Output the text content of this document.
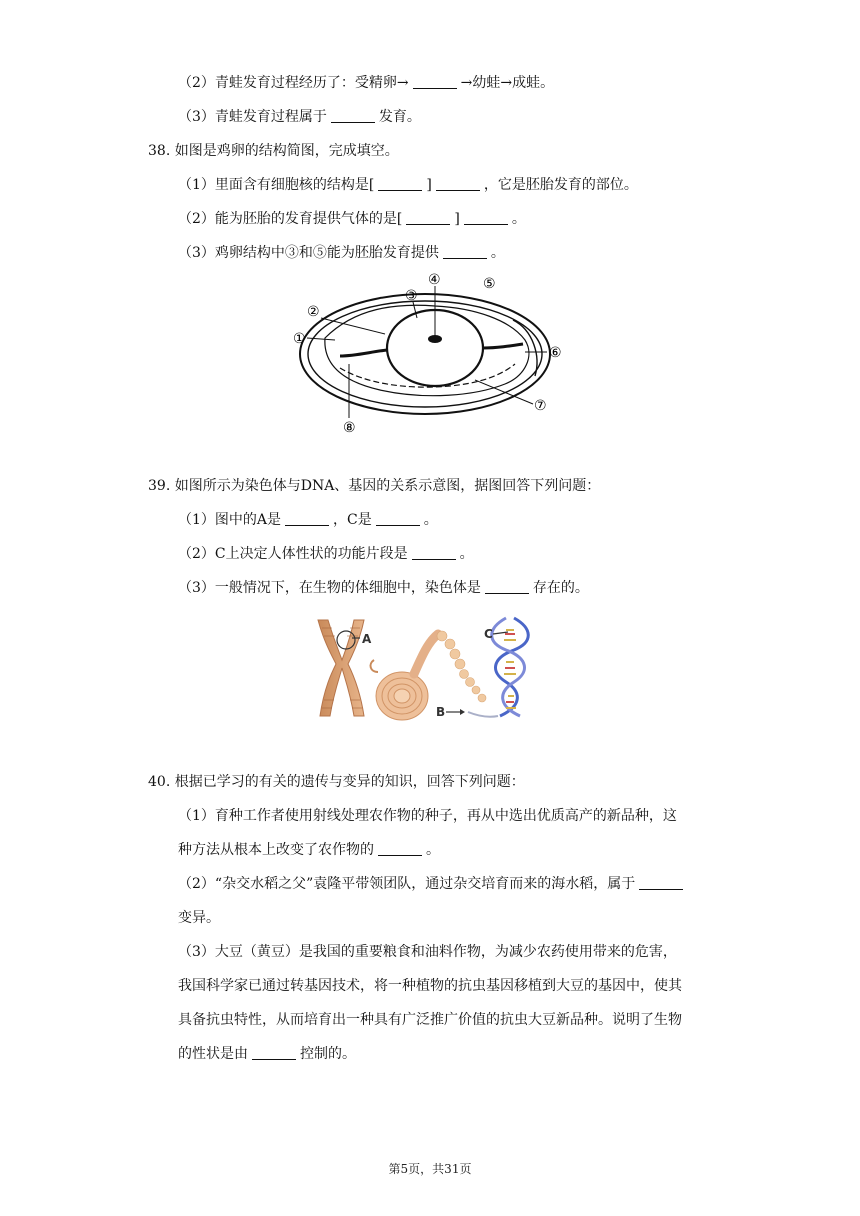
（2）青蛙发育过程经历了：受精卵→	→幼蛙→成蛙。
（3）青蛙发育过程属于	发育。
38. 如图是鸡卵的结构简图，完成填空。
（1）里面含有细胞核的结构是[	]	，它是胚胎发育的部位。
（2）能为胚胎的发育提供气体的是[	]	。
（3）鸡卵结构中③和⑤能为胚胎发育提供	。
①
②
③
④	⑤
⑥
⑦
⑧
39. 如图所示为染色体与DNA、基因的关系示意图，据图回答下列问题：
（1）图中的A是	，C是	。
（2）C上决定人体性状的功能片段是	。
（3）一般情况下，在生物的体细胞中，染色体是	存在的。
A	C
B
40. 根据已学习的有关的遗传与变异的知识，回答下列问题：
（1）育种工作者使用射线处理农作物的种子，再从中选出优质高产的新品种，这
种方法从根本上改变了农作物的	。
（2）“杂交水稻之父”袁隆平带领团队，通过杂交培育而来的海水稻，属于
变异。
（3）大豆（黄豆）是我国的重要粮食和油料作物，为减少农药使用带来的危害，
我国科学家已通过转基因技术，将一种植物的抗虫基因移植到大豆的基因中，使其
具备抗虫特性，从而培育出一种具有广泛推广价值的抗虫大豆新品种。说明了生物
的性状是由	控制的。
第5页，共31页
